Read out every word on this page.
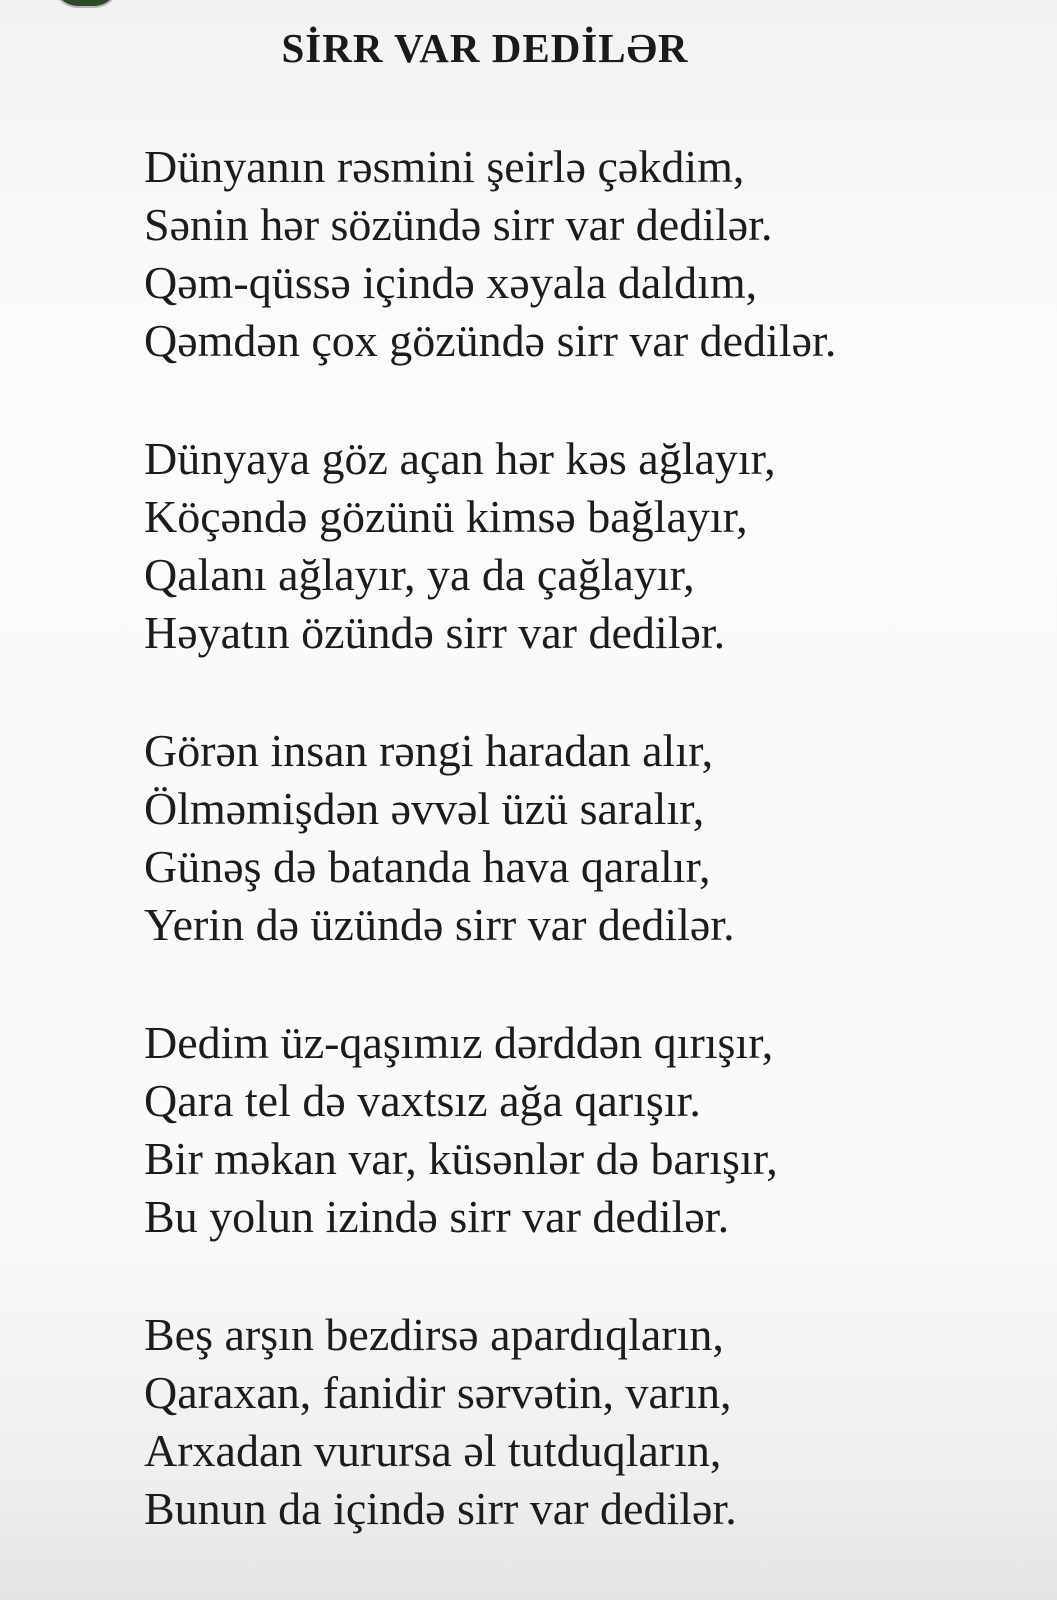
SİRR VAR DEDİLƏR
Dünyanın rəsmini şeirlə çəkdim,
Sənin hər sözündə sirr var dedilər.
Qəm-qüssə içində xəyala daldım,
Qəmdən çox gözündə sirr var dedilər.
Dünyaya göz açan hər kəs ağlayır,
Köçəndə gözünü kimsə bağlayır,
Qalanı ağlayır, ya da çağlayır,
Həyatın özündə sirr var dedilər.
Görən insan rəngi haradan alır,
Ölməmişdən əvvəl üzü saralır,
Günəş də batanda hava qaralır,
Yerin də üzündə sirr var dedilər.
Dedim üz-qaşımız dərddən qırışır,
Qara tel də vaxtsız ağa qarışır.
Bir məkan var, küsənlər də barışır,
Bu yolun izində sirr var dedilər.
Beş arşın bezdirsə apardıqların,
Qaraxan, fanidir sərvətin, varın,
Arxadan vurursa əl tutduqların,
Bunun da içində sirr var dedilər.
